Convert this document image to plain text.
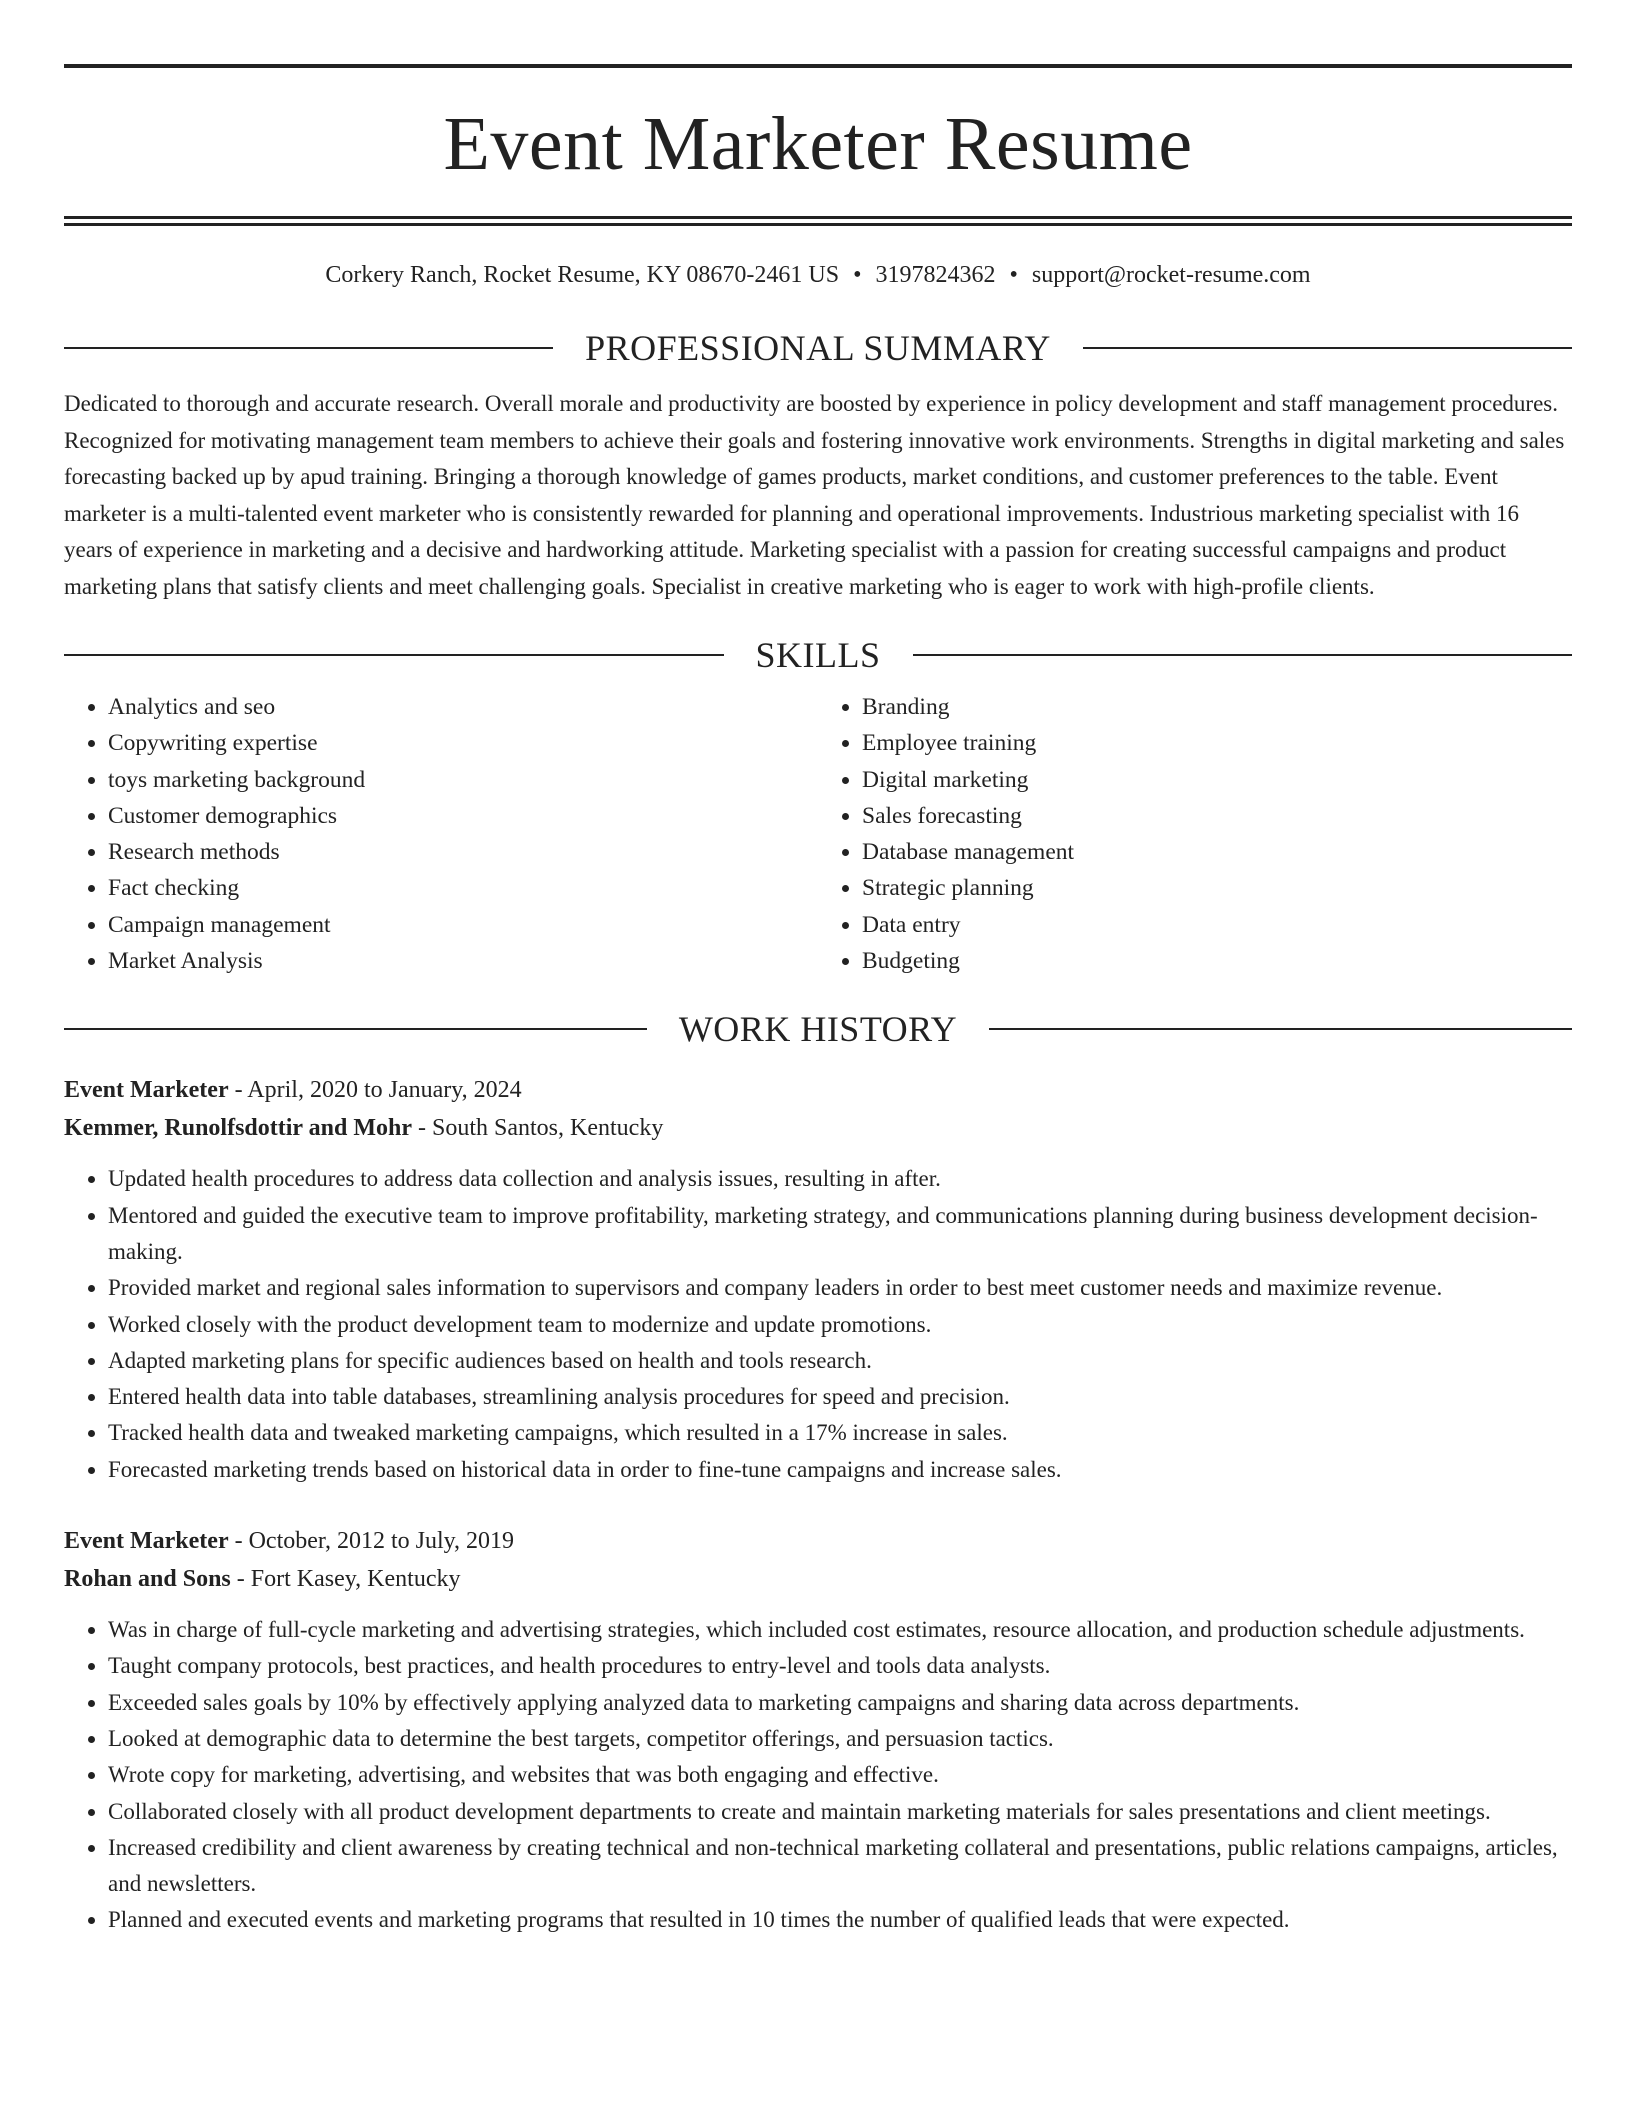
Event Marketer Resume
Corkery Ranch, Rocket Resume, KY 08670-2461 US • 3197824362 • support@rocket-resume.com
PROFESSIONAL SUMMARY

Dedicated to thorough and accurate research. Overall morale and productivity are boosted by experience in policy development and staff management procedures. Recognized for motivating management team members to achieve their goals and fostering innovative work environments. Strengths in digital marketing and sales forecasting backed up by apud training. Bringing a thorough knowledge of games products, market conditions, and customer preferences to the table. Event marketer is a multi-talented event marketer who is consistently rewarded for planning and operational improvements. Industrious marketing specialist with 16 years of experience in marketing and a decisive and hardworking attitude. Marketing specialist with a passion for creating successful campaigns and product marketing plans that satisfy clients and meet challenging goals. Specialist in creative marketing who is eager to work with high-profile clients.

SKILLS
• Analytics and seo
• Copywriting expertise
• toys marketing background
• Customer demographics
• Research methods
• Fact checking
• Campaign management
• Market Analysis
• Branding
• Employee training
• Digital marketing
• Sales forecasting
• Database management
• Strategic planning
• Data entry
• Budgeting
WORK HISTORY
Event Marketer - April, 2020 to January, 2024
Kemmer, Runolfsdottir and Mohr - South Santos, Kentucky
• Updated health procedures to address data collection and analysis issues, resulting in after.
• Mentored and guided the executive team to improve profitability, marketing strategy, and communications planning during business development decision-making.
• Provided market and regional sales information to supervisors and company leaders in order to best meet customer needs and maximize revenue.
• Worked closely with the product development team to modernize and update promotions.
• Adapted marketing plans for specific audiences based on health and tools research.
• Entered health data into table databases, streamlining analysis procedures for speed and precision.
• Tracked health data and tweaked marketing campaigns, which resulted in a 17% increase in sales.
• Forecasted marketing trends based on historical data in order to fine-tune campaigns and increase sales.
Event Marketer - October, 2012 to July, 2019
Rohan and Sons - Fort Kasey, Kentucky
• Was in charge of full-cycle marketing and advertising strategies, which included cost estimates, resource allocation, and production schedule adjustments.
• Taught company protocols, best practices, and health procedures to entry-level and tools data analysts.
• Exceeded sales goals by 10% by effectively applying analyzed data to marketing campaigns and sharing data across departments.
• Looked at demographic data to determine the best targets, competitor offerings, and persuasion tactics.
• Wrote copy for marketing, advertising, and websites that was both engaging and effective.
• Collaborated closely with all product development departments to create and maintain marketing materials for sales presentations and client meetings.
• Increased credibility and client awareness by creating technical and non-technical marketing collateral and presentations, public relations campaigns, articles, and newsletters.
• Planned and executed events and marketing programs that resulted in 10 times the number of qualified leads that were expected.
